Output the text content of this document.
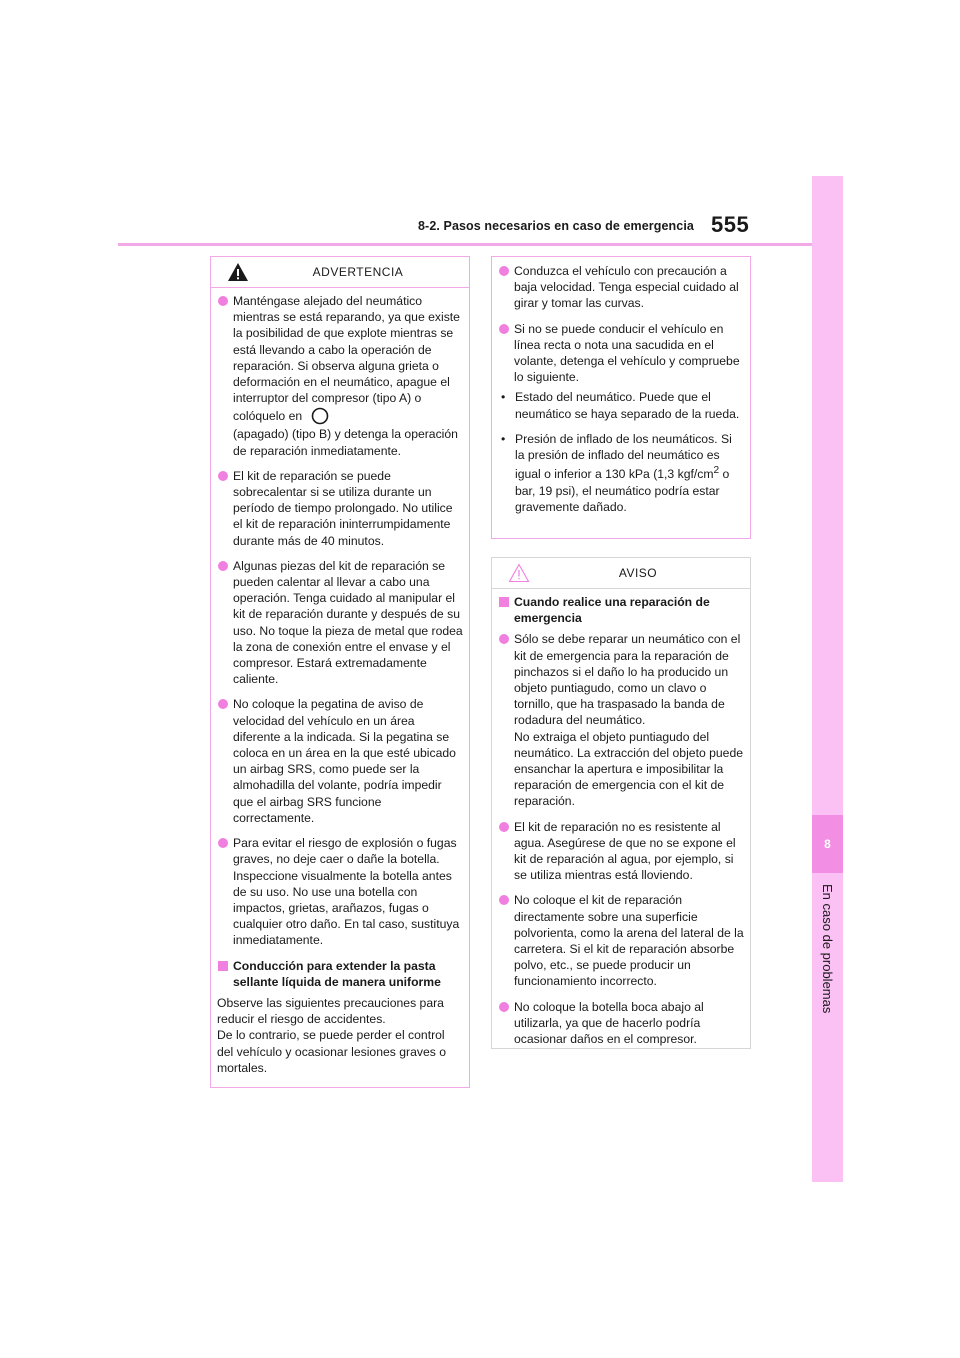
8-2. Pasos necesarios en caso de emergencia 555
8
En caso de problemas
ADVERTENCIA
Manténgase alejado del neumático mientras se está reparando, ya que existe la posibilidad de que explote mientras se está llevando a cabo la operación de reparación. Si observa alguna grieta o deformación en el neumático, apague el interruptor del compresor (tipo A) o colóquelo en
(apagado) (tipo B) y detenga la operación de reparación inmediatamente.
El kit de reparación se puede sobrecalentar si se utiliza durante un período de tiempo prolongado. No utilice el kit de reparación ininterrumpidamente durante más de 40 minutos.
Algunas piezas del kit de reparación se pueden calentar al llevar a cabo una operación. Tenga cuidado al manipular el kit de reparación durante y después de su uso. No toque la pieza de metal que rodea la zona de conexión entre el envase y el compresor. Estará extremadamente caliente.
No coloque la pegatina de aviso de velocidad del vehículo en un área diferente a la indicada. Si la pegatina se coloca en un área en la que esté ubicado un airbag SRS, como puede ser la almohadilla del volante, podría impedir que el airbag SRS funcione correctamente.
Para evitar el riesgo de explosión o fugas graves, no deje caer o dañe la botella. Inspeccione visualmente la botella antes de su uso. No use una botella con impactos, grietas, arañazos, fugas o cualquier otro daño. En tal caso, sustituya inmediatamente.
Conducción para extender la pasta sellante líquida de manera uniforme
Observe las siguientes precauciones para reducir el riesgo de accidentes.
De lo contrario, se puede perder el control del vehículo y ocasionar lesiones graves o mortales.
Conduzca el vehículo con precaución a baja velocidad. Tenga especial cuidado al girar y tomar las curvas.
Si no se puede conducir el vehículo en línea recta o nota una sacudida en el volante, detenga el vehículo y compruebe lo siguiente.
• Estado del neumático. Puede que el neumático se haya separado de la rueda.
• Presión de inflado de los neumáticos. Si la presión de inflado del neumático es igual o inferior a 130 kPa (1,3 kgf/$cm^2$ o bar, 19 psi), el neumático podría estar gravemente dañado.
AVISO
Cuando realice una reparación de emergencia
Sólo se debe reparar un neumático con el kit de emergencia para la reparación de pinchazos si el daño lo ha producido un objeto puntiagudo, como un clavo o tornillo, que ha traspasado la banda de rodadura del neumático.
No extraiga el objeto puntiagudo del neumático. La extracción del objeto puede ensanchar la apertura e imposibilitar la reparación de emergencia con el kit de reparación.
El kit de reparación no es resistente al agua. Asegúrese de que no se expone el kit de reparación al agua, por ejemplo, si se utiliza mientras está lloviendo.
No coloque el kit de reparación directamente sobre una superficie polvorienta, como la arena del lateral de la carretera. Si el kit de reparación absorbe polvo, etc., se puede producir un funcionamiento incorrecto.
No coloque la botella boca abajo al utilizarla, ya que de hacerlo podría ocasionar daños en el compresor.
